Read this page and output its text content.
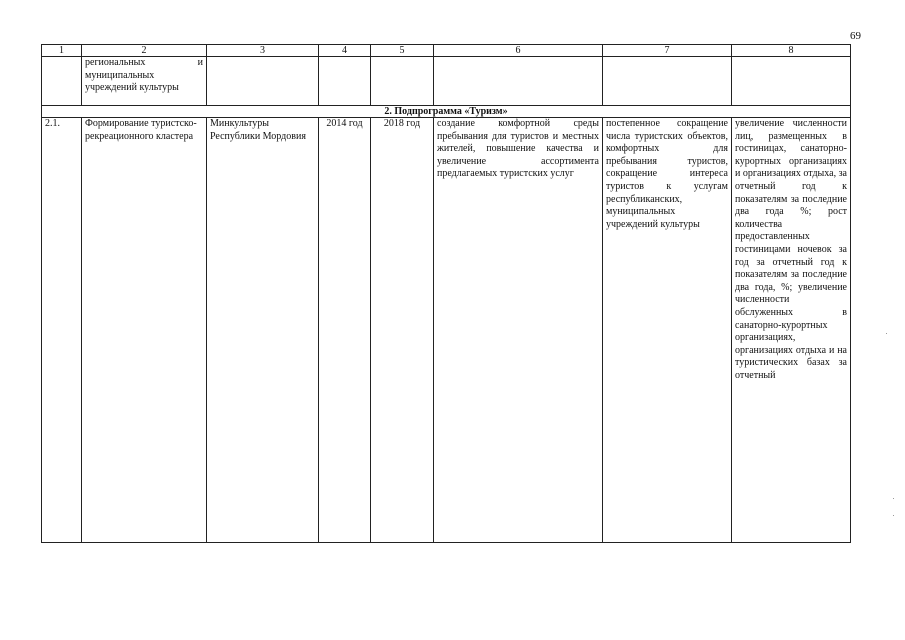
69
1	2	3	4	5	6	7	8
	региональных и муниципальных учреждений культуры						
2. Подпрограмма «Туризм»							
2.1.	Формирование туристско-рекреационного кластера	Минкультуры Республики Мордовия	2014 год	2018 год	создание комфортной среды пребывания для туристов и местных жителей, повышение качества и увеличение ассортимента предлагаемых туристских услуг	постепенное сокращение числа туристских объектов, комфортных для пребывания туристов, сокращение интереса туристов к услугам республиканских, муниципальных учреждений культуры	увеличение численности лиц, размещенных в гостиницах, санаторно-курортных организациях и организациях отдыха, за отчетный год к показателям за последние два года %; рост количества предоставленных гостиницами ночевок за год за отчетный год к показателям за последние два года, %; увеличение численности обслуженных в санаторно-курортных организациях, организациях отдыха и на туристических базах за отчетный
